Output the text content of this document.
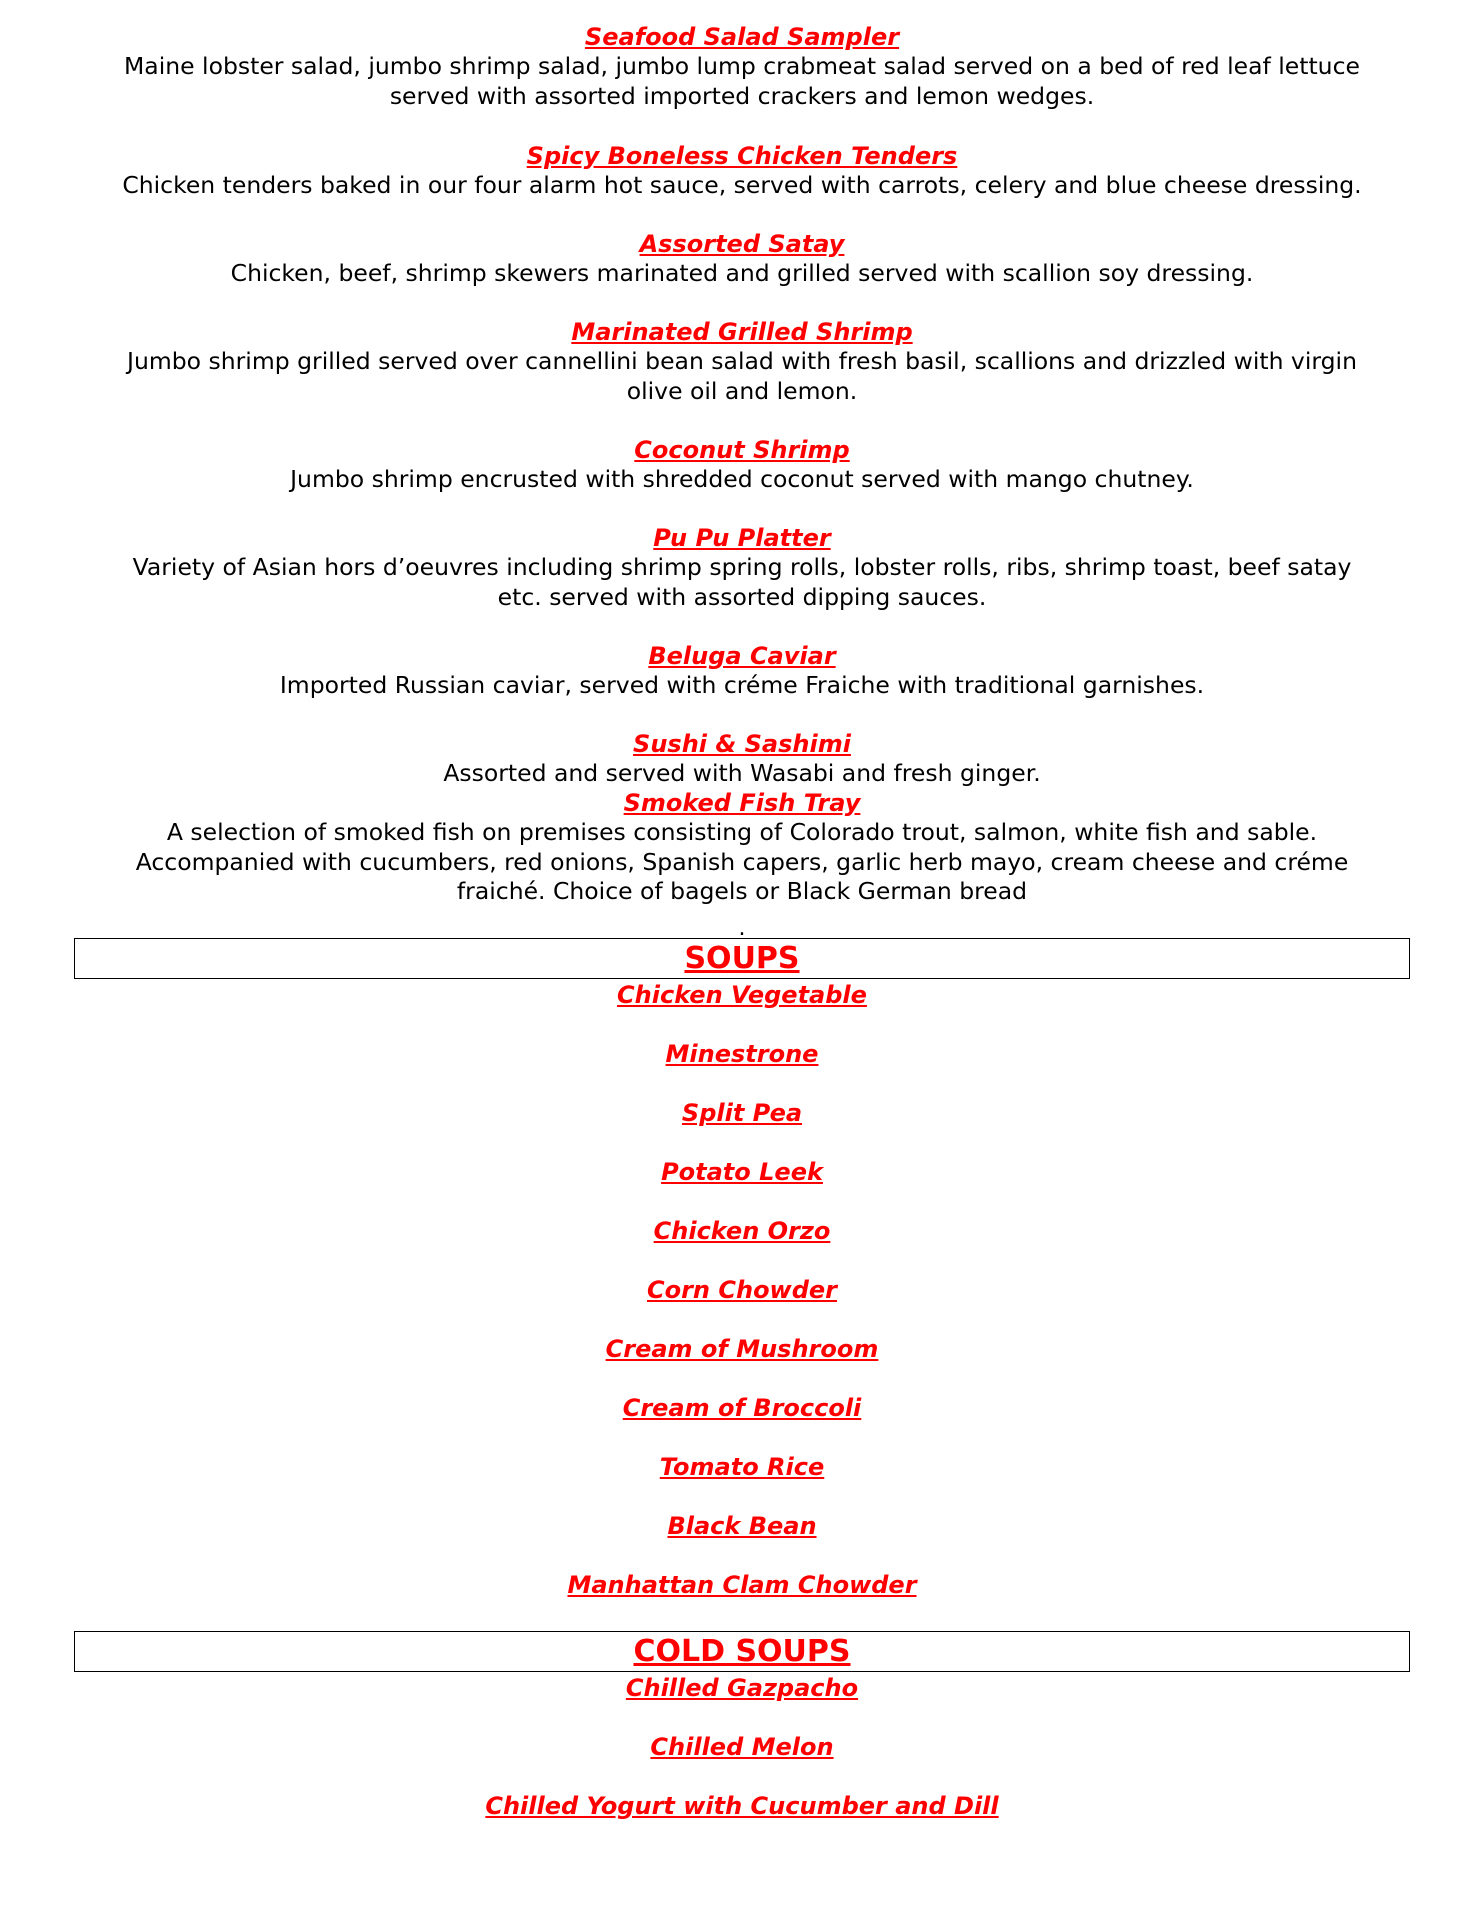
Seafood Salad Sampler
Maine lobster salad, jumbo shrimp salad, jumbo lump crabmeat salad served on a bed of red leaf lettuce
served with assorted imported crackers and lemon wedges.
Spicy Boneless Chicken Tenders
Chicken tenders baked in our four alarm hot sauce, served with carrots, celery and blue cheese dressing.
Assorted Satay
Chicken, beef, shrimp skewers marinated and grilled served with scallion soy dressing.
Marinated Grilled Shrimp
Jumbo shrimp grilled served over cannellini bean salad with fresh basil, scallions and drizzled with virgin
olive oil and lemon.
Coconut Shrimp
Jumbo shrimp encrusted with shredded coconut served with mango chutney.
Pu Pu Platter
Variety of Asian hors d’oeuvres including shrimp spring rolls, lobster rolls, ribs, shrimp toast, beef satay
etc. served with assorted dipping sauces.
Beluga Caviar
Imported Russian caviar, served with créme Fraiche with traditional garnishes.
Sushi & Sashimi
Assorted and served with Wasabi and fresh ginger.
Smoked Fish Tray
A selection of smoked fish on premises consisting of Colorado trout, salmon, white fish and sable.
Accompanied with cucumbers, red onions, Spanish capers, garlic herb mayo, cream cheese and créme
fraiché. Choice of bagels or Black German bread
.
SOUPS
Chicken Vegetable
Minestrone
Split Pea
Potato Leek
Chicken Orzo
Corn Chowder
Cream of Mushroom
Cream of Broccoli
Tomato Rice
Black Bean
Manhattan Clam Chowder
COLD SOUPS
Chilled Gazpacho
Chilled Melon
Chilled Yogurt with Cucumber and Dill
